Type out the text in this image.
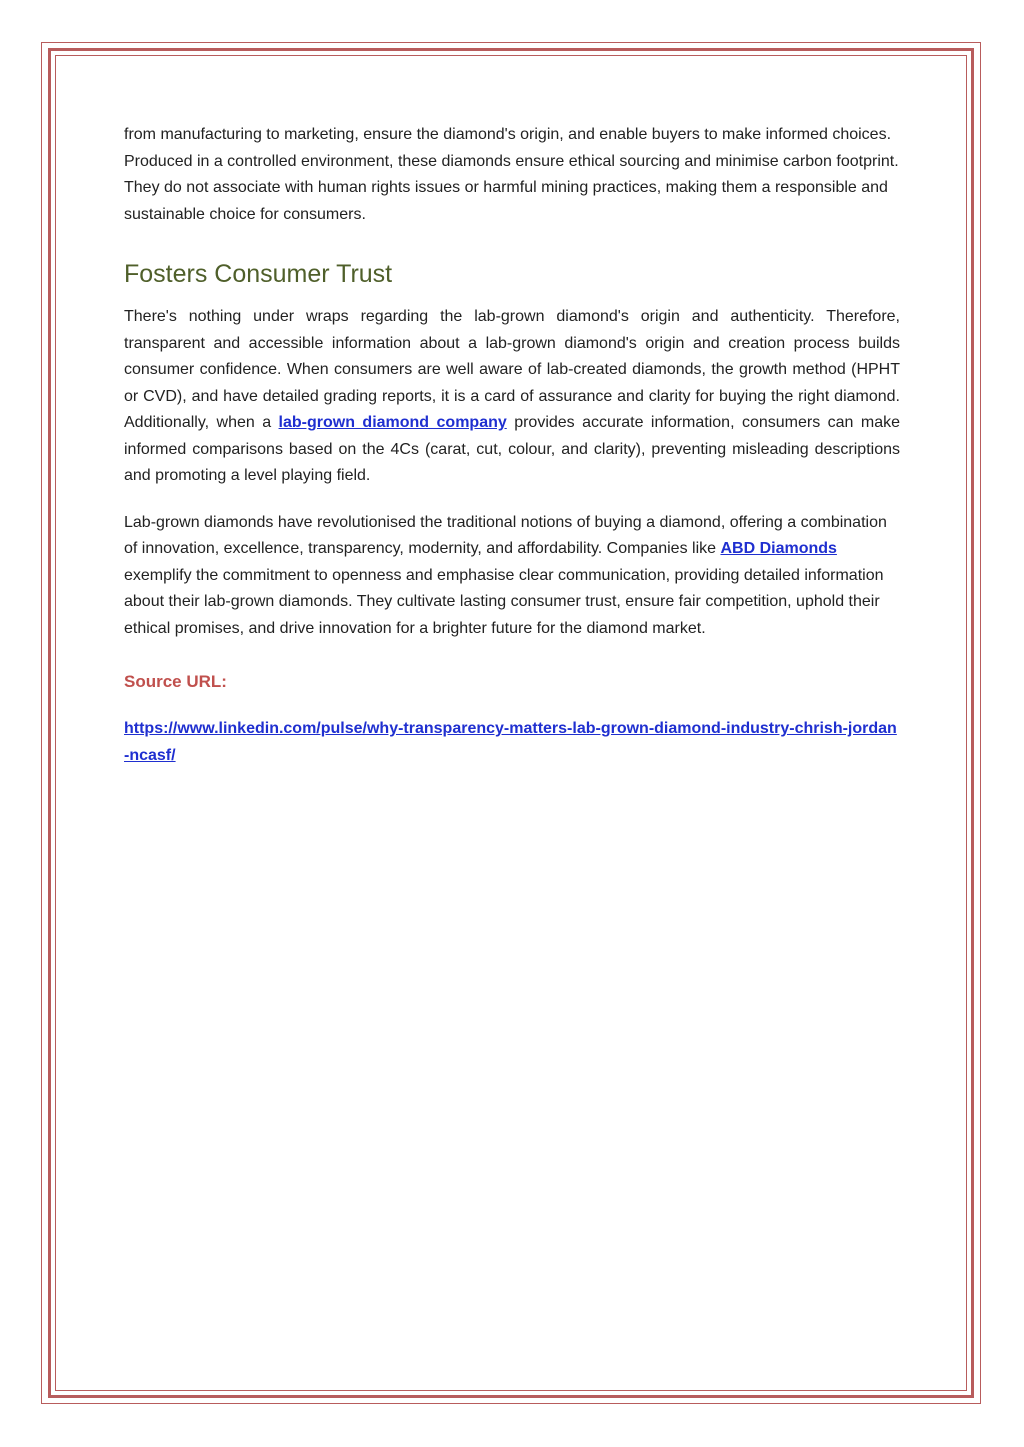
from manufacturing to marketing, ensure the diamond's origin, and enable buyers to make informed choices. Produced in a controlled environment, these diamonds ensure ethical sourcing and minimise carbon footprint. They do not associate with human rights issues or harmful mining practices, making them a responsible and sustainable choice for consumers.

Fosters Consumer Trust

There's nothing under wraps regarding the lab-grown diamond's origin and authenticity. Therefore, transparent and accessible information about a lab-grown diamond's origin and creation process builds consumer confidence. When consumers are well aware of lab-created diamonds, the growth method (HPHT or CVD), and have detailed grading reports, it is a card of assurance and clarity for buying the right diamond. Additionally, when a lab-grown diamond company provides accurate information, consumers can make informed comparisons based on the 4Cs (carat, cut, colour, and clarity), preventing misleading descriptions and promoting a level playing field.

Lab-grown diamonds have revolutionised the traditional notions of buying a diamond, offering a combination of innovation, excellence, transparency, modernity, and affordability. Companies like ABD Diamonds exemplify the commitment to openness and emphasise clear communication, providing detailed information about their lab-grown diamonds. They cultivate lasting consumer trust, ensure fair competition, uphold their ethical promises, and drive innovation for a brighter future for the diamond market.

Source URL:
https://www.linkedin.com/pulse/why-transparency-matters-lab-grown-diamond-industry-chrish-jordan-ncasf/
